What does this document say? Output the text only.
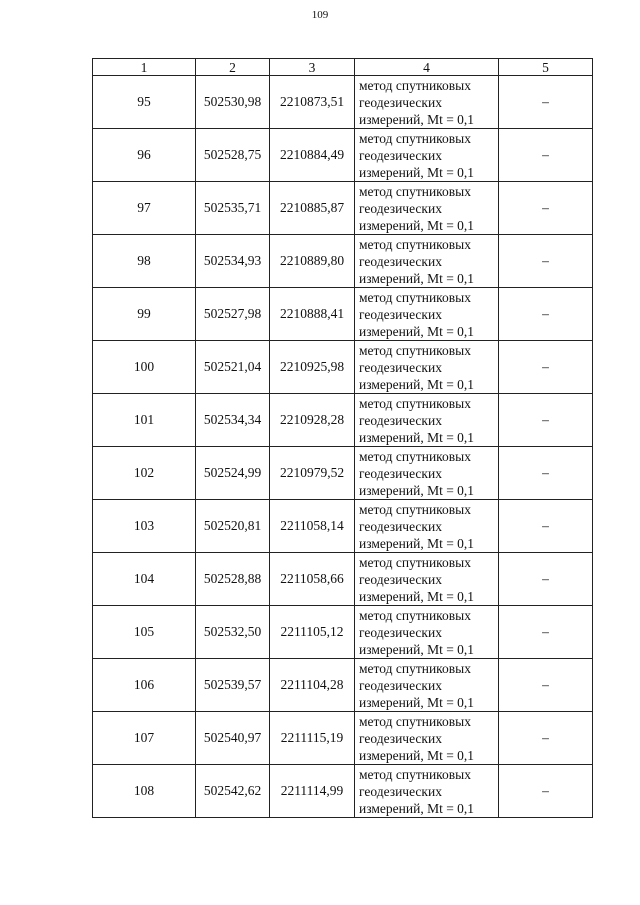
109
1	2	3	4	5
95	502530,98	2210873,51	метод спутниковых
геодезических
измерений, Mt = 0,1	–
96	502528,75	2210884,49	метод спутниковых
геодезических
измерений, Mt = 0,1	–
97	502535,71	2210885,87	метод спутниковых
геодезических
измерений, Mt = 0,1	–
98	502534,93	2210889,80	метод спутниковых
геодезических
измерений, Mt = 0,1	–
99	502527,98	2210888,41	метод спутниковых
геодезических
измерений, Mt = 0,1	–
100	502521,04	2210925,98	метод спутниковых
геодезических
измерений, Mt = 0,1	–
101	502534,34	2210928,28	метод спутниковых
геодезических
измерений, Mt = 0,1	–
102	502524,99	2210979,52	метод спутниковых
геодезических
измерений, Mt = 0,1	–
103	502520,81	2211058,14	метод спутниковых
геодезических
измерений, Mt = 0,1	–
104	502528,88	2211058,66	метод спутниковых
геодезических
измерений, Mt = 0,1	–
105	502532,50	2211105,12	метод спутниковых
геодезических
измерений, Mt = 0,1	–
106	502539,57	2211104,28	метод спутниковых
геодезических
измерений, Mt = 0,1	–
107	502540,97	2211115,19	метод спутниковых
геодезических
измерений, Mt = 0,1	–
108	502542,62	2211114,99	метод спутниковых
геодезических
измерений, Mt = 0,1	–
